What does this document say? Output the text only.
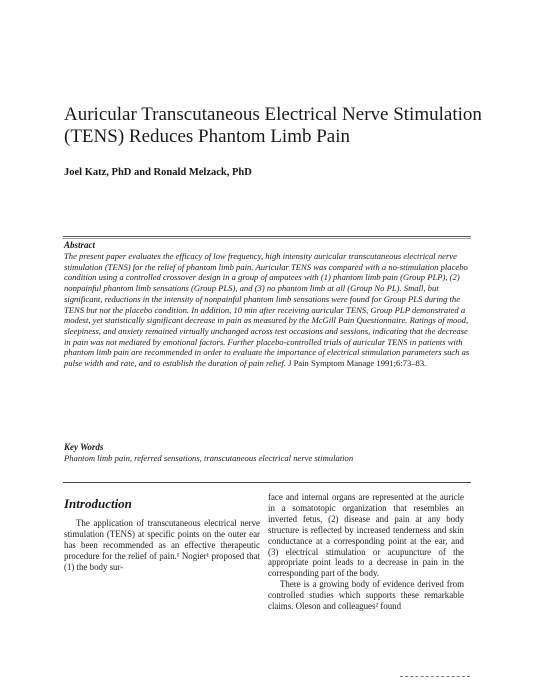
Auricular Transcutaneous Electrical Nerve Stimulation (TENS) Reduces Phantom Limb Pain

Joel Katz, PhD and Ronald Melzack, PhD

Abstract

The present paper evaluates the efficacy of low frequency, high intensity auricular transcutaneous electrical nerve stimulation (TENS) for the relief of phantom limb pain. Auricular TENS was compared with a no-stimulation placebo condition using a controlled crossover design in a group of amputees with (1) phantom limb pain (Group PLP), (2) nonpainful phantom limb sensations (Group PLS), and (3) no phantom limb at all (Group No PL). Small, but significant, reductions in the intensity of nonpainful phantom limb sensations were found for Group PLS during the TENS but not the placebo condition. In addition, 10 min after receiving auricular TENS, Group PLP demonstrated a modest, yet statistically significant decrease in pain as measured by the McGill Pain Questionnaire. Ratings of mood, sleepiness, and anxiety remained virtually unchanged across test occasions and sessions, indicating that the decrease in pain was not mediated by emotional factors. Further placebo-controlled trials of auricular TENS in patients with phantom limb pain are recommended in order to evaluate the importance of electrical stimulation parameters such as pulse width and rate, and to establish the duration of pain relief. J Pain Symptom Manage 1991;6:73–83.

Key Words

Phantom limb pain, referred sensations, transcutaneous electrical nerve stimulation

Introduction

The application of transcutaneous electrical nerve stimulation (TENS) at specific points on the outer ear has been recommended as an effective therapeutic procedure for the relief of pain.¹ Nogier¹ proposed that (1) the body sur-

face and internal organs are represented at the auricle in a somatotopic organization that resembles an inverted fetus, (2) disease and pain at any body structure is reflected by increased tenderness and skin conductance at a corresponding point at the ear, and (3) electrical stimulation or acupuncture of the appropriate point leads to a decrease in pain in the corresponding part of the body.

There is a growing body of evidence derived from controlled studies which supports these remarkable claims. Oleson and colleagues² found
